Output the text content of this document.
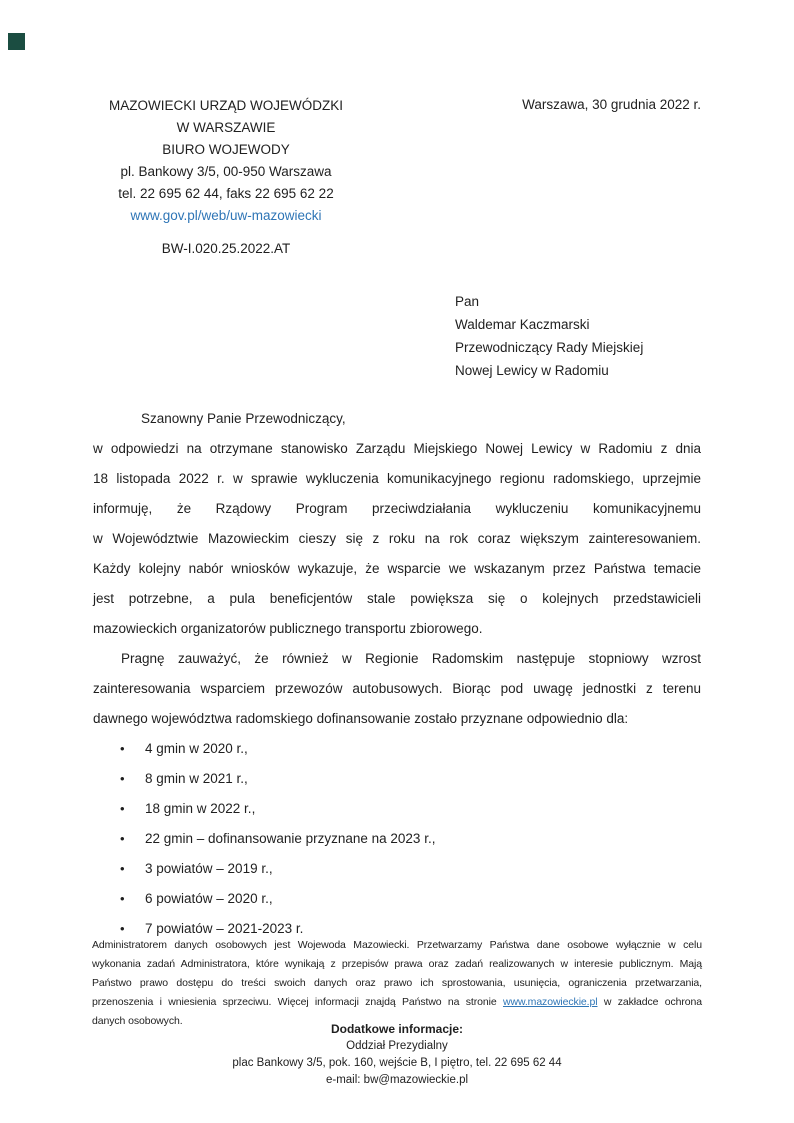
MAZOWIECKI URZĄD WOJEWÓDZKI
W WARSZAWIE
BIURO WOJEWODY
pl. Bankowy 3/5, 00-950 Warszawa
tel. 22 695 62 44, faks 22 695 62 22
www.gov.pl/web/uw-mazowiecki
BW-I.020.25.2022.AT
Warszawa, 30 grudnia 2022 r.
Pan
Waldemar Kaczmarski
Przewodniczący Rady Miejskiej
Nowej Lewicy w Radomiu
Szanowny Panie Przewodniczący,
w odpowiedzi na otrzymane stanowisko Zarządu Miejskiego Nowej Lewicy w Radomiu z dnia
18 listopada 2022 r. w sprawie wykluczenia komunikacyjnego regionu radomskiego, uprzejmie
informuję, że Rządowy Program przeciwdziałania wykluczeniu komunikacyjnemu
w Województwie Mazowieckim cieszy się z roku na rok coraz większym zainteresowaniem.
Każdy kolejny nabór wniosków wykazuje, że wsparcie we wskazanym przez Państwa temacie
jest potrzebne, a pula beneficjentów stale powiększa się o kolejnych przedstawicieli
mazowieckich organizatorów publicznego transportu zbiorowego.
Pragnę zauważyć, że również w Regionie Radomskim następuje stopniowy wzrost
zainteresowania wsparciem przewozów autobusowych. Biorąc pod uwagę jednostki z terenu
dawnego województwa radomskiego dofinansowanie zostało przyznane odpowiednio dla:
•	4 gmin w 2020 r.,
•	8 gmin w 2021 r.,
•	18 gmin w 2022 r.,
•	22 gmin – dofinansowanie przyznane na 2023 r.,
•	3 powiatów – 2019 r.,
•	6 powiatów – 2020 r.,
•	7 powiatów – 2021-2023 r.
Administratorem danych osobowych jest Wojewoda Mazowiecki. Przetwarzamy Państwa dane osobowe wyłącznie w celu
wykonania zadań Administratora, które wynikają z przepisów prawa oraz zadań realizowanych w interesie publicznym. Mają
Państwo prawo dostępu do treści swoich danych oraz prawo ich sprostowania, usunięcia, ograniczenia przetwarzania,
przenoszenia i wniesienia sprzeciwu. Więcej informacji znajdą Państwo na stronie www.mazowieckie.pl w zakładce ochrona
danych osobowych.
Dodatkowe informacje:
Oddział Prezydialny
plac Bankowy 3/5, pok. 160, wejście B, I piętro, tel. 22 695 62 44
e-mail: bw@mazowieckie.pl
